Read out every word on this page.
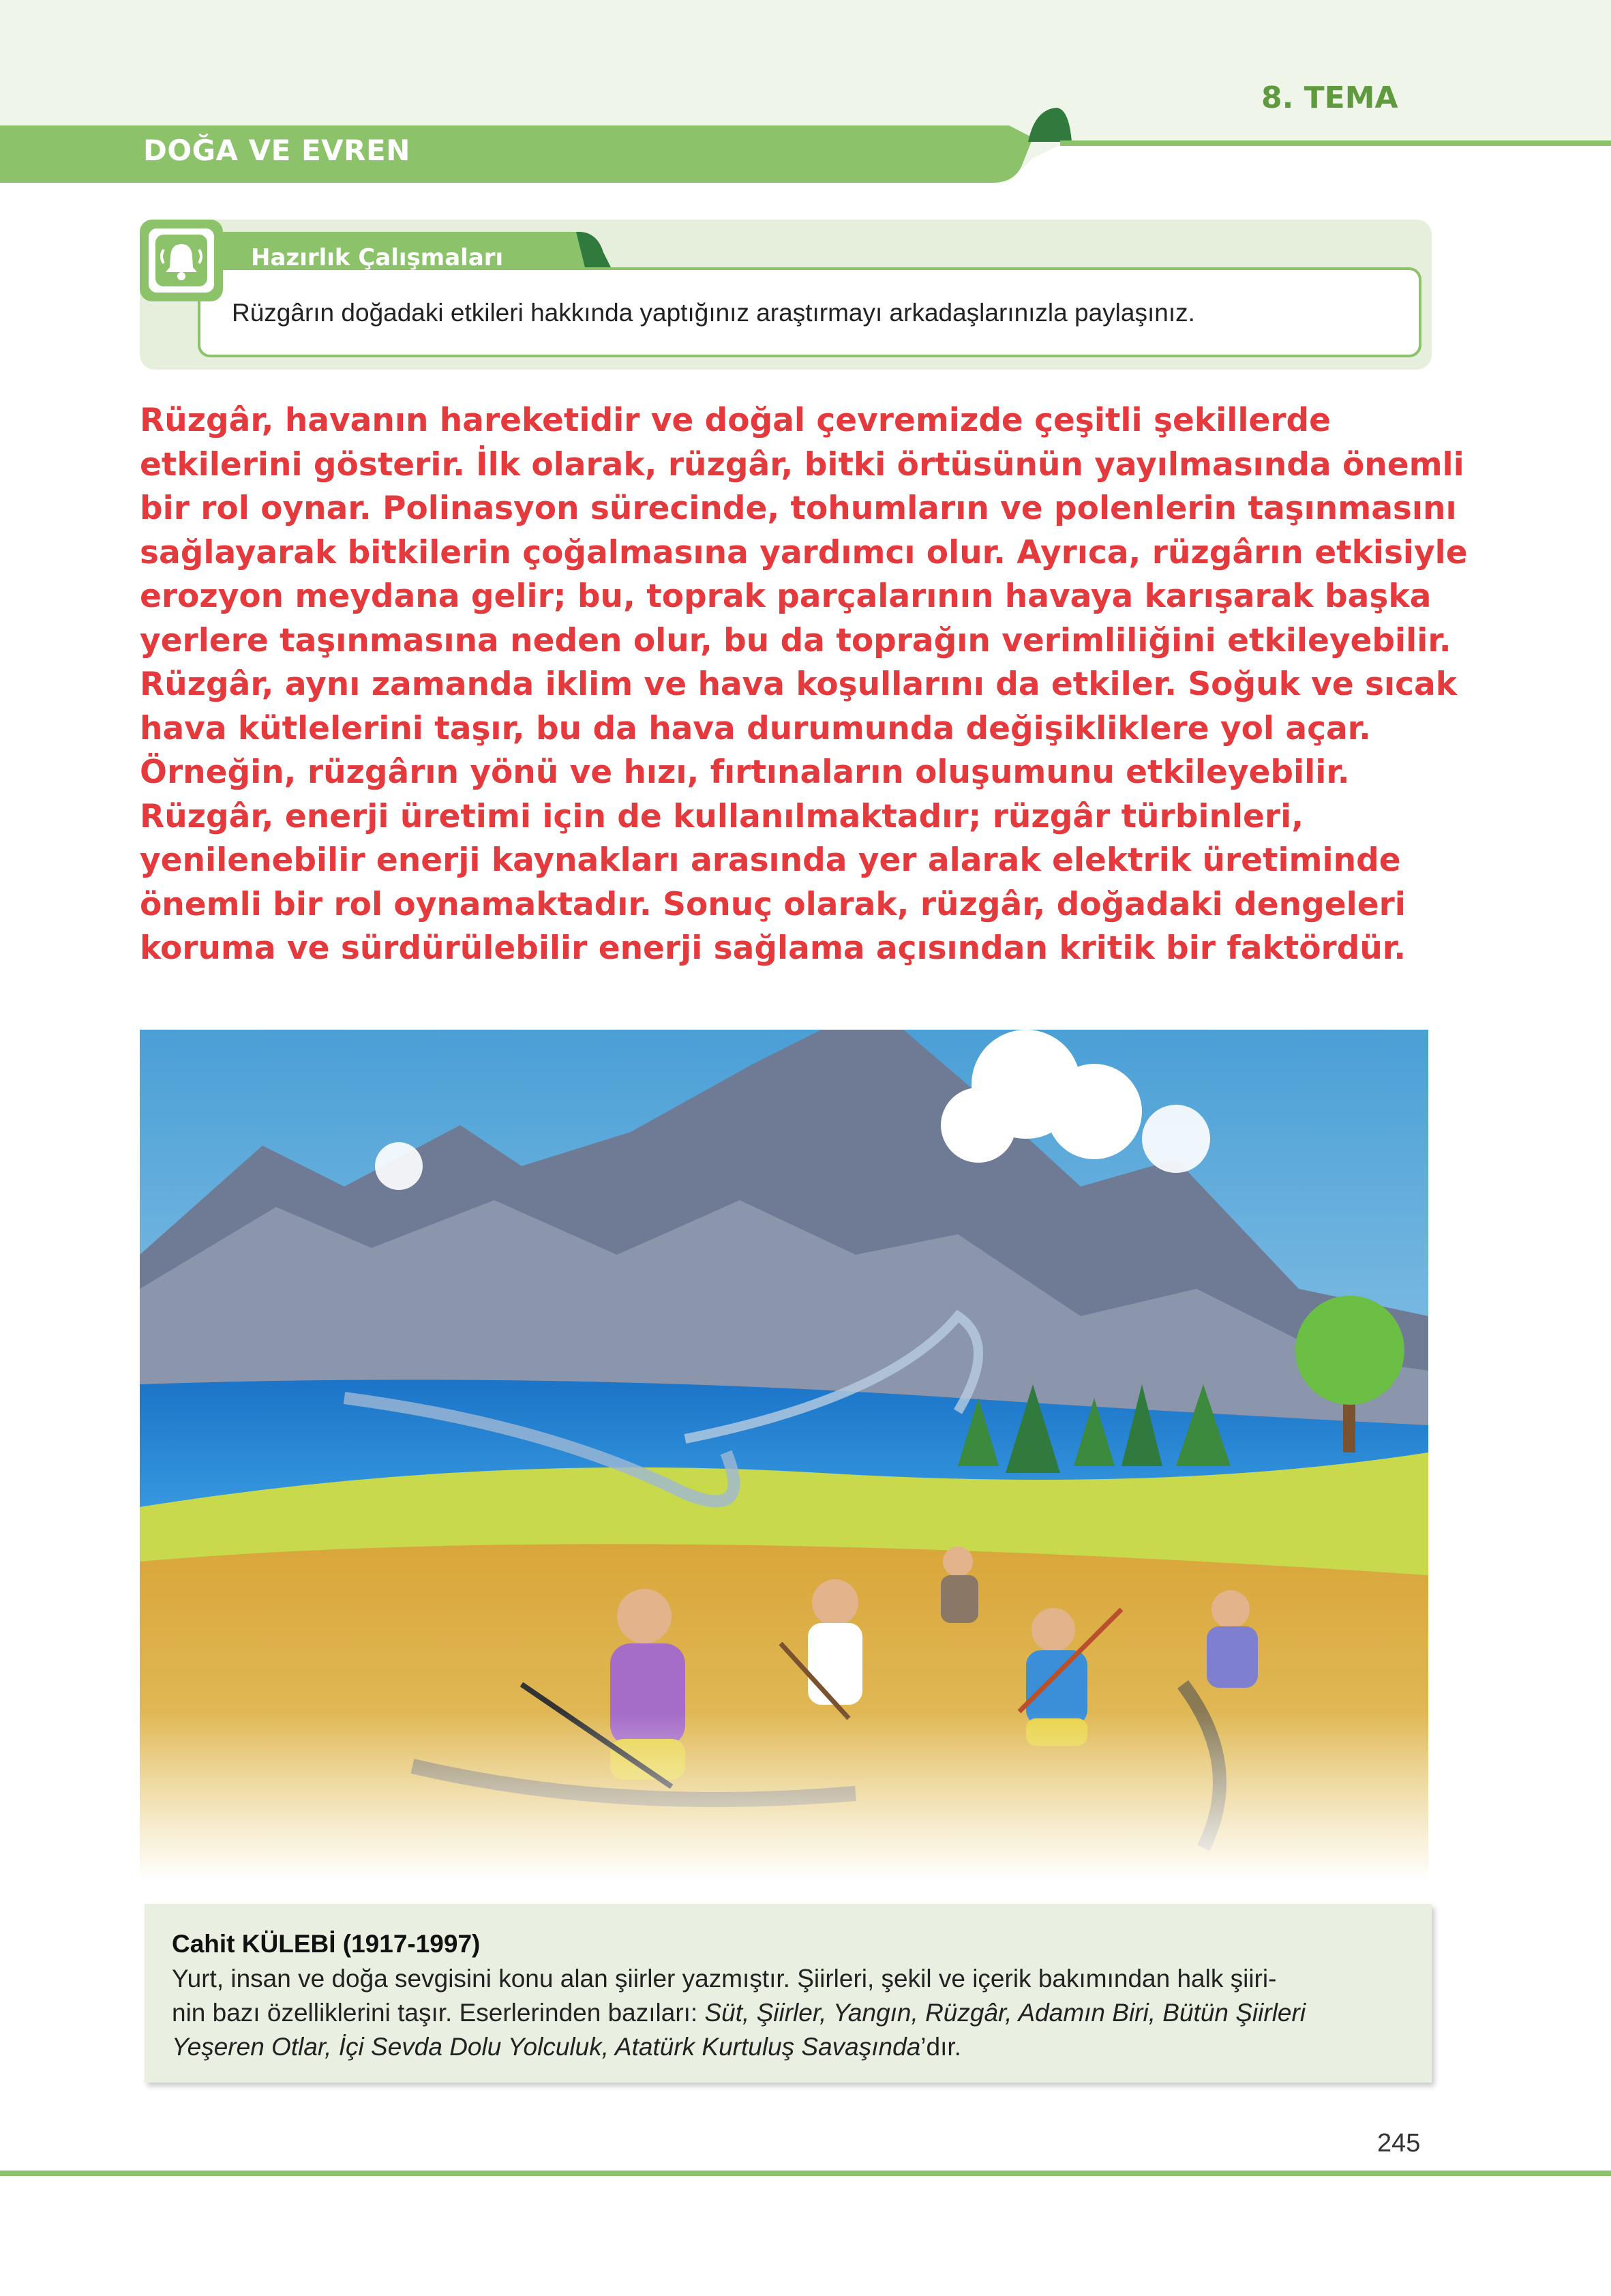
8. TEMA
DOĞA VE EVREN
Hazırlık Çalışmaları
Rüzgârın doğadaki etkileri hakkında yaptığınız araştırmayı arkadaşlarınızla paylaşınız.

Rüzgâr, havanın hareketidir ve doğal çevremizde çeşitli şekillerde etkilerini gösterir. İlk olarak, rüzgâr, bitki örtüsünün yayılmasında önemli bir rol oynar. Polinasyon sürecinde, tohumların ve polenlerin taşınmasını sağlayarak bitkilerin çoğalmasına yardımcı olur. Ayrıca, rüzgârın etkisiyle erozyon meydana gelir; bu, toprak parçalarının havaya karışarak başka yerlere taşınmasına neden olur, bu da toprağın verimliliğini etkileyebilir.

Rüzgâr, aynı zamanda iklim ve hava koşullarını da etkiler. Soğuk ve sıcak hava kütlelerini taşır, bu da hava durumunda değişikliklere yol açar. Örneğin, rüzgârın yönü ve hızı, fırtınaların oluşumunu etkileyebilir. Rüzgâr, enerji üretimi için de kullanılmaktadır; rüzgâr türbinleri, yenilenebilir enerji kaynakları arasında yer alarak elektrik üretiminde önemli bir rol oynamaktadır. Sonuç olarak, rüzgâr, doğadaki dengeleri koruma ve sürdürülebilir enerji sağlama açısından kritik bir faktördür.

Cahit KÜLEBİ (1917-1997)
Yurt, insan ve doğa sevgisini konu alan şiirler yazmıştır. Şiirleri, şekil ve içerik bakımından halk şiiri-
nin bazı özelliklerini taşır. Eserlerinden bazıları: Süt, Şiirler, Yangın, Rüzgâr, Adamın Biri, Bütün Şiirleri
Yeşeren Otlar, İçi Sevda Dolu Yolculuk, Atatürk Kurtuluş Savaşında’dır.
245
